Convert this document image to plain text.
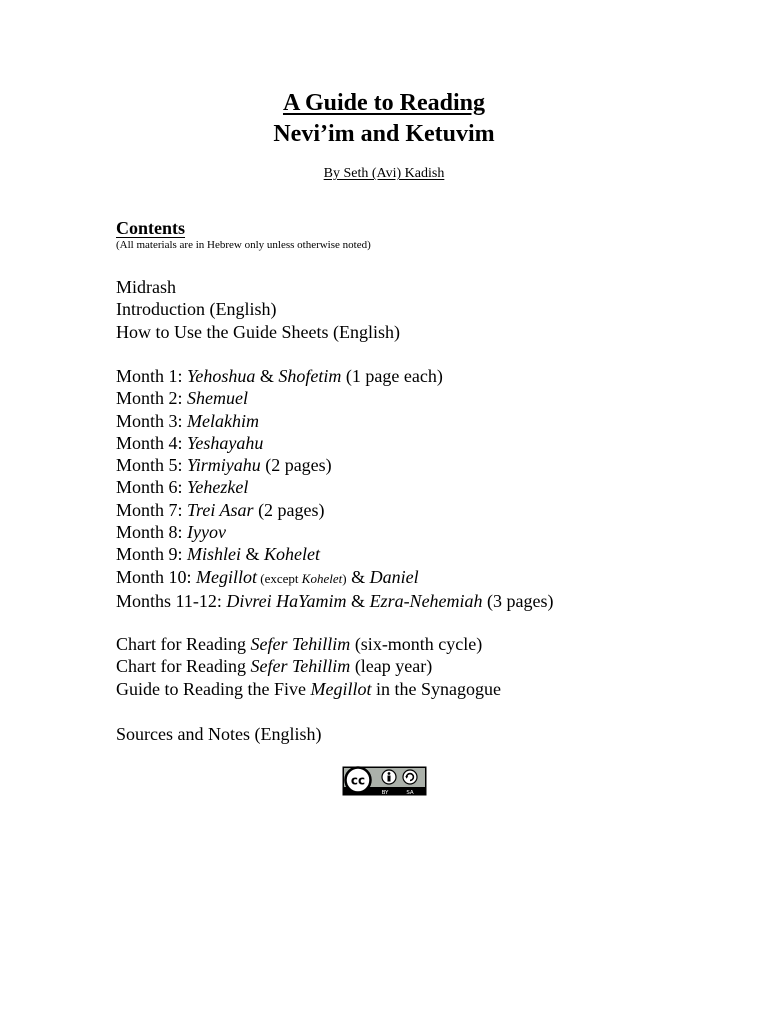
A Guide to Reading
Nevi’im and Ketuvim
By Seth (Avi) Kadish
Contents
(All materials are in Hebrew only unless otherwise noted)
Midrash
Introduction (English)
How to Use the Guide Sheets (English)
Month 1: Yehoshua & Shofetim (1 page each)
Month 2: Shemuel
Month 3: Melakhim
Month 4: Yeshayahu
Month 5: Yirmiyahu (2 pages)
Month 6: Yehezkel
Month 7: Trei Asar (2 pages)
Month 8: Iyyov
Month 9: Mishlei & Kohelet
Month 10: Megillot (except Kohelet) & Daniel
Months 11-12: Divrei HaYamim & Ezra-Nehemiah (3 pages)
Chart for Reading Sefer Tehillim (six-month cycle)
Chart for Reading Sefer Tehillim (leap year)
Guide to Reading the Five Megillot in the Synagogue
Sources and Notes (English)
cc
BY	SA
